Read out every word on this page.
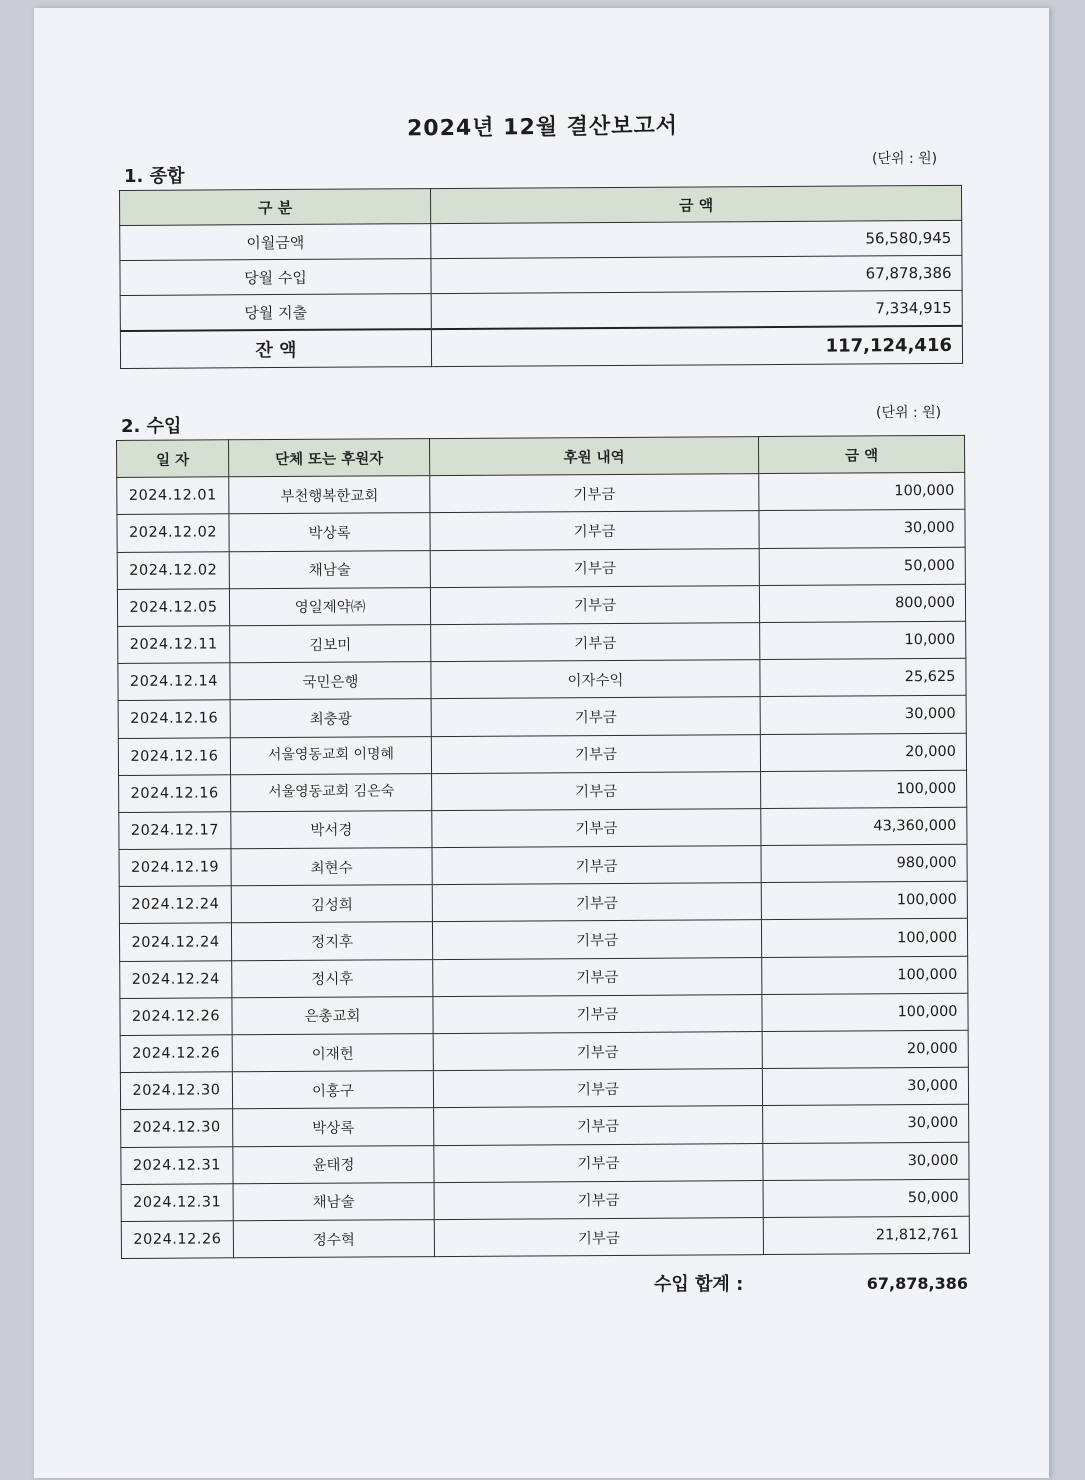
2024년 12월 결산보고서
1. 종합
(단위 : 원)
구 분	금 액
이월금액	56,580,945
당월 수입	67,878,386
당월 지출	7,334,915
잔 액	117,124,416
2. 수입
(단위 : 원)
일 자	단체 또는 후원자	후원 내역	금 액
2024.12.01	부천행복한교회	기부금	100,000
2024.12.02	박상록	기부금	30,000
2024.12.02	채남술	기부금	50,000
2024.12.05	영일제약㈜	기부금	800,000
2024.12.11	김보미	기부금	10,000
2024.12.14	국민은행	이자수익	25,625
2024.12.16	최충광	기부금	30,000
2024.12.16	서울영동교회 이명혜	기부금	20,000
2024.12.16	서울영동교회 김은숙	기부금	100,000
2024.12.17	박서경	기부금	43,360,000
2024.12.19	최현수	기부금	980,000
2024.12.24	김성희	기부금	100,000
2024.12.24	정지후	기부금	100,000
2024.12.24	정시후	기부금	100,000
2024.12.26	은총교회	기부금	100,000
2024.12.26	이재헌	기부금	20,000
2024.12.30	이홍구	기부금	30,000
2024.12.30	박상록	기부금	30,000
2024.12.31	윤태정	기부금	30,000
2024.12.31	채남술	기부금	50,000
2024.12.26	정수혁	기부금	21,812,761
수입 합계 :	67,878,386
